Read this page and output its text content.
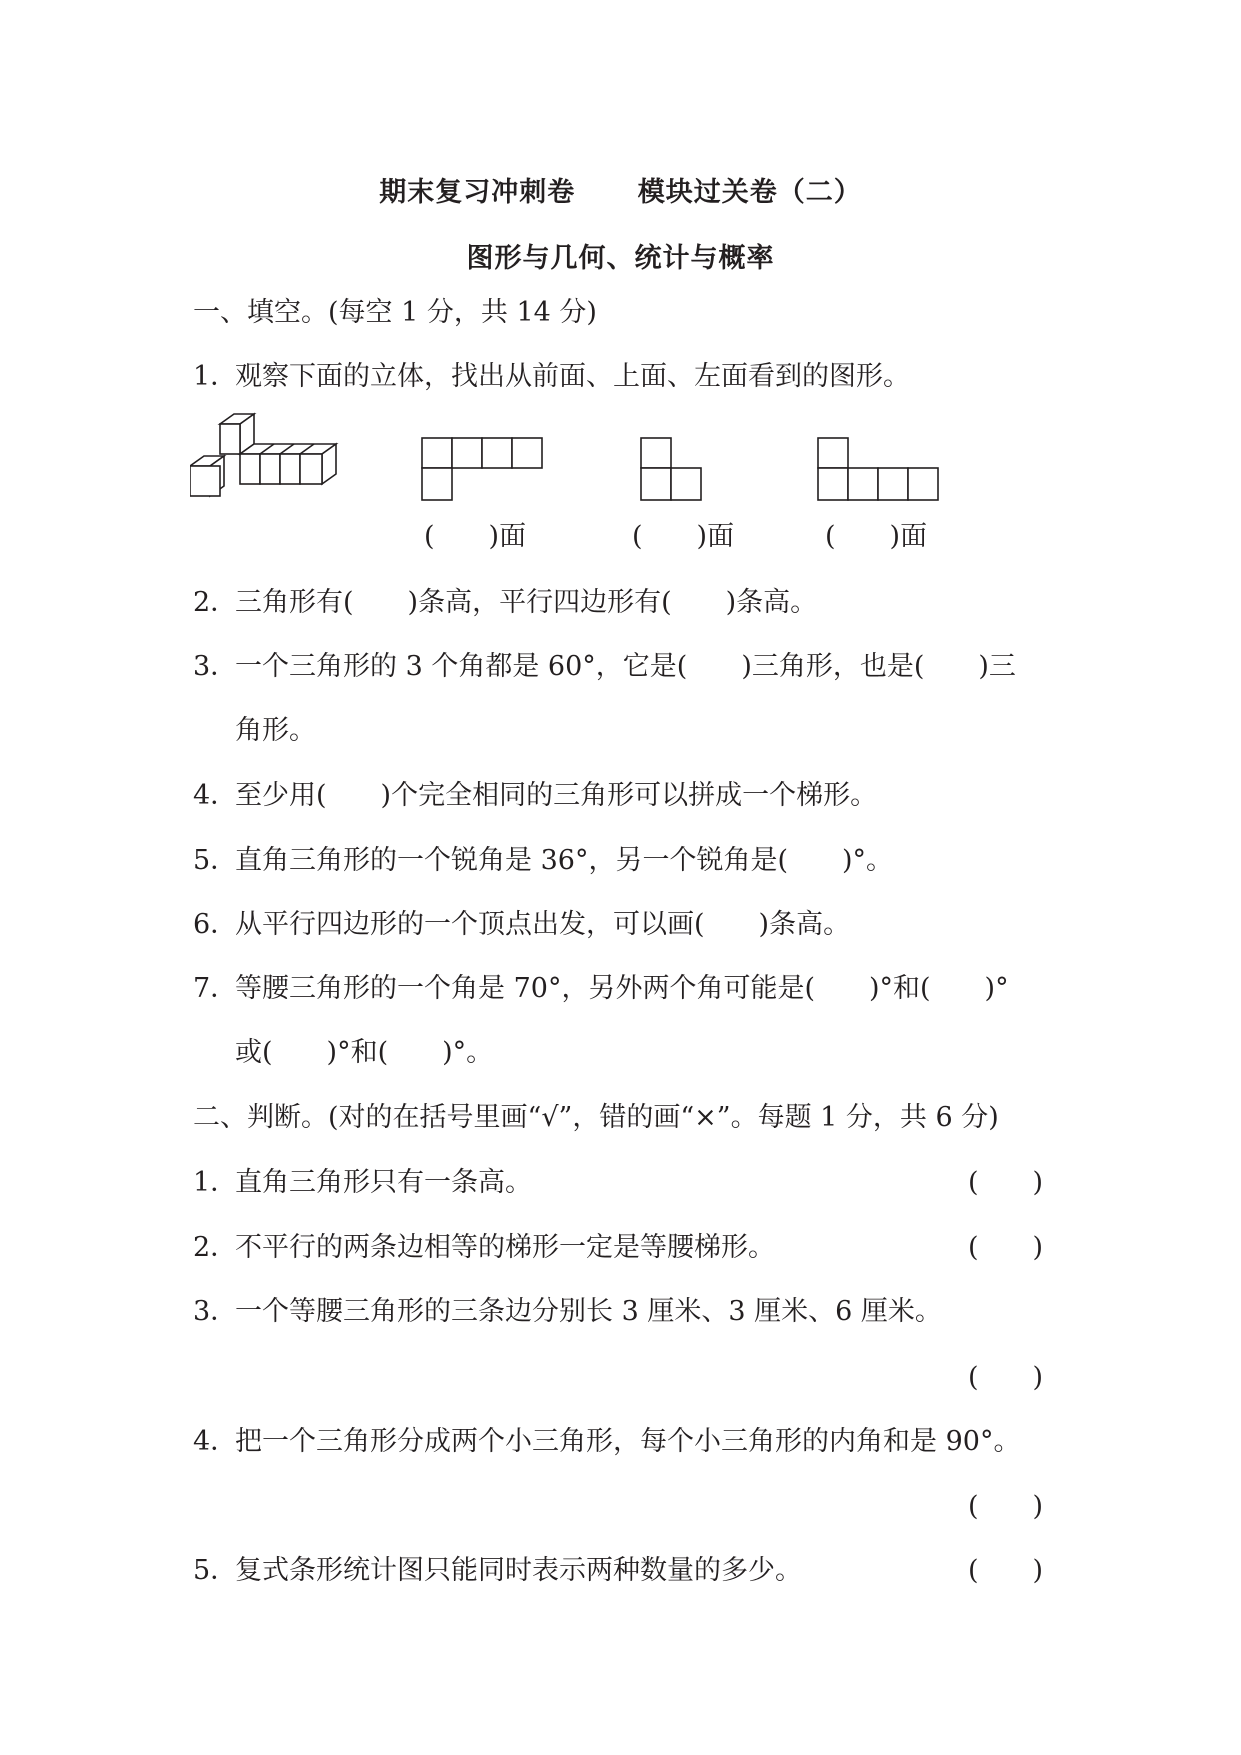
期末复习冲刺卷      模块过关卷（二）
图形与几何、统计与概率
一、填空。(每空 1 分，共 14 分)
1．观察下面的立体，找出从前面、上面、左面看到的图形。
(　　)面	(　　)面	(　　)面
2．三角形有(　　)条高，平行四边形有(　　)条高。
3．一个三角形的 3 个角都是 60°，它是(　　)三角形，也是(　　)三
角形。
4．至少用(　　)个完全相同的三角形可以拼成一个梯形。
5．直角三角形的一个锐角是 36°，另一个锐角是(　　)°。
6．从平行四边形的一个顶点出发，可以画(　　)条高。
7．等腰三角形的一个角是 70°，另外两个角可能是(　　)°和(　　)°
或(　　)°和(　　)°。
二、判断。(对的在括号里画“√”，错的画“×”。每题 1 分，共 6 分)
1．直角三角形只有一条高。	(　　)
2．不平行的两条边相等的梯形一定是等腰梯形。	(　　)
3．一个等腰三角形的三条边分别长 3 厘米、3 厘米、6 厘米。
(　　)
4．把一个三角形分成两个小三角形，每个小三角形的内角和是 90°。
(　　)
5．复式条形统计图只能同时表示两种数量的多少。	(　　)
